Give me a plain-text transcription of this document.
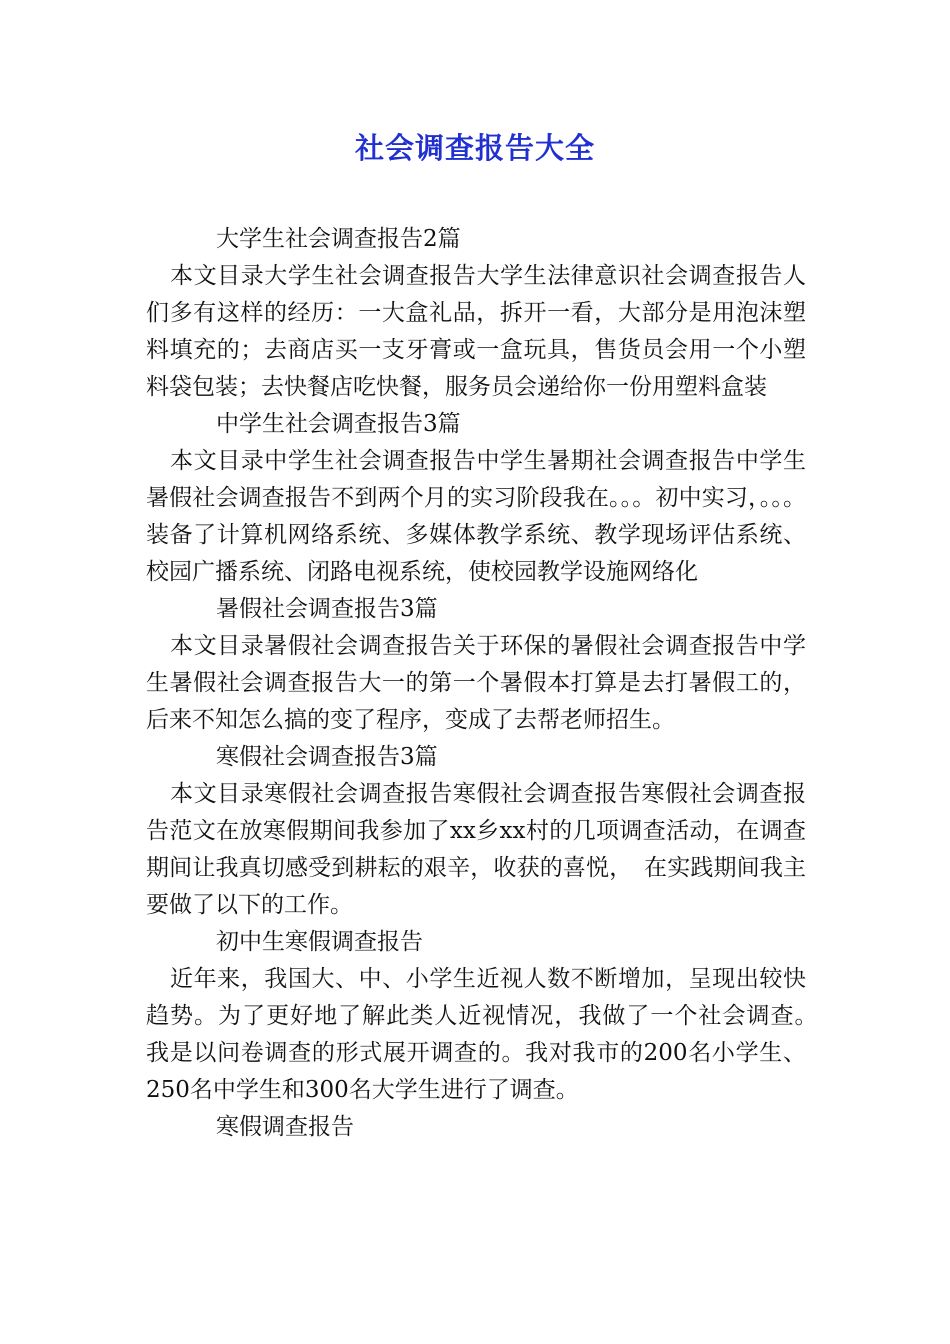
社会调查报告大全

大学生社会调查报告2篇

本文目录大学生社会调查报告大学生法律意识社会调查报告人们多有这样的经历：一大盒礼品，拆开一看，大部分是用泡沫塑料填充的；去商店买一支牙膏或一盒玩具，售货员会用一个小塑料袋包装；去快餐店吃快餐，服务员会递给你一份用塑料盒装

中学生社会调查报告3篇

本文目录中学生社会调查报告中学生暑期社会调查报告中学生暑假社会调查报告不到两个月的实习阶段我在。。。初中实习，。。。装备了计算机网络系统、多媒体教学系统、教学现场评估系统、校园广播系统、闭路电视系统，使校园教学设施网络化

暑假社会调查报告3篇

本文目录暑假社会调查报告关于环保的暑假社会调查报告中学生暑假社会调查报告大一的第一个暑假本打算是去打暑假工的，后来不知怎么搞的变了程序，变成了去帮老师招生。

寒假社会调查报告3篇

本文目录寒假社会调查报告寒假社会调查报告寒假社会调查报告范文在放寒假期间我参加了xx乡xx村的几项调查活动，在调查期间让我真切感受到耕耘的艰辛，收获的喜悦，　在实践期间我主要做了以下的工作。

初中生寒假调查报告

近年来，我国大、中、小学生近视人数不断增加，呈现出较快趋势。为了更好地了解此类人近视情况，我做了一个社会调查。　我是以问卷调查的形式展开调查的。我对我市的200名小学生、250名中学生和300名大学生进行了调查。

寒假调查报告
